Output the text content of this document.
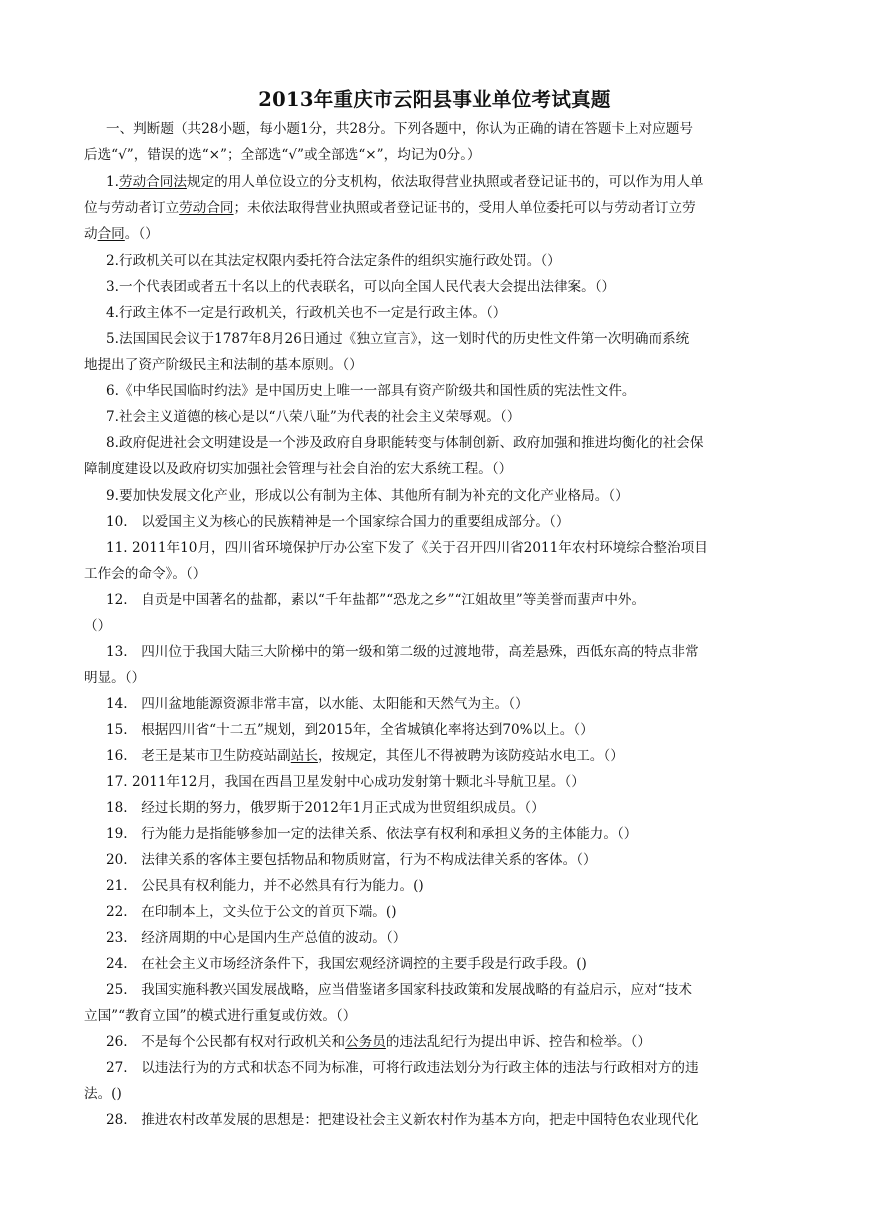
2013年重庆市云阳县事业单位考试真题
一、判断题（共28小题，每小题1分，共28分。下列各题中，你认为正确的请在答题卡上对应题号
后选“√”，错误的选“×”；全部选“√”或全部选“×”，均记为0分。）
1.劳动合同法规定的用人单位设立的分支机构，依法取得营业执照或者登记证书的，可以作为用人单
位与劳动者订立劳动合同；未依法取得营业执照或者登记证书的，受用人单位委托可以与劳动者订立劳
动合同。（）
2.行政机关可以在其法定权限内委托符合法定条件的组织实施行政处罚。（）
3.一个代表团或者五十名以上的代表联名，可以向全国人民代表大会提出法律案。（）
4.行政主体不一定是行政机关，行政机关也不一定是行政主体。（）
5.法国国民会议于1787年8月26日通过《独立宣言》，这一划时代的历史性文件第一次明确而系统
地提出了资产阶级民主和法制的基本原则。（）
6.《中华民国临时约法》是中国历史上唯一一部具有资产阶级共和国性质的宪法性文件。
7.社会主义道德的核心是以“八荣八耻”为代表的社会主义荣辱观。（）
8.政府促进社会文明建设是一个涉及政府自身职能转变与体制创新、政府加强和推进均衡化的社会保
障制度建设以及政府切实加强社会管理与社会自治的宏大系统工程。（）
9.要加快发展文化产业，形成以公有制为主体、其他所有制为补充的文化产业格局。（）
10.　以爱国主义为核心的民族精神是一个国家综合国力的重要组成部分。（）
11. 2011年10月，四川省环境保护厅办公室下发了《关于召开四川省2011年农村环境综合整治项目
工作会的命令》。（）
12.　自贡是中国著名的盐都，素以“千年盐都”“恐龙之乡”“江姐故里”等美誉而蜚声中外。
（）
13.　四川位于我国大陆三大阶梯中的第一级和第二级的过渡地带，高差悬殊，西低东高的特点非常
明显。（）
14.　四川盆地能源资源非常丰富，以水能、太阳能和天然气为主。（）
15.　根据四川省“十二五”规划，到2015年，全省城镇化率将达到70%以上。（）
16.　老王是某市卫生防疫站副站长，按规定，其侄儿不得被聘为该防疫站水电工。（）
17. 2011年12月，我国在西昌卫星发射中心成功发射第十颗北斗导航卫星。（）
18.　经过长期的努力，俄罗斯于2012年1月正式成为世贸组织成员。（）
19.　行为能力是指能够参加一定的法律关系、依法享有权利和承担义务的主体能力。（）
20.　法律关系的客体主要包括物品和物质财富，行为不构成法律关系的客体。（）
21.　公民具有权利能力，并不必然具有行为能力。()
22.　在印制本上，文头位于公文的首页下端。()
23.　经济周期的中心是国内生产总值的波动。（）
24.　在社会主义市场经济条件下，我国宏观经济调控的主要手段是行政手段。()
25.　我国实施科教兴国发展战略，应当借鉴诸多国家科技政策和发展战略的有益启示，应对“技术
立国”“教育立国”的模式进行重复或仿效。（）
26.　不是每个公民都有权对行政机关和公务员的违法乱纪行为提出申诉、控告和检举。（）
27.　以违法行为的方式和状态不同为标准，可将行政违法划分为行政主体的违法与行政相对方的违
法。()
28.　推进农村改革发展的思想是：把建设社会主义新农村作为基本方向，把走中国特色农业现代化
